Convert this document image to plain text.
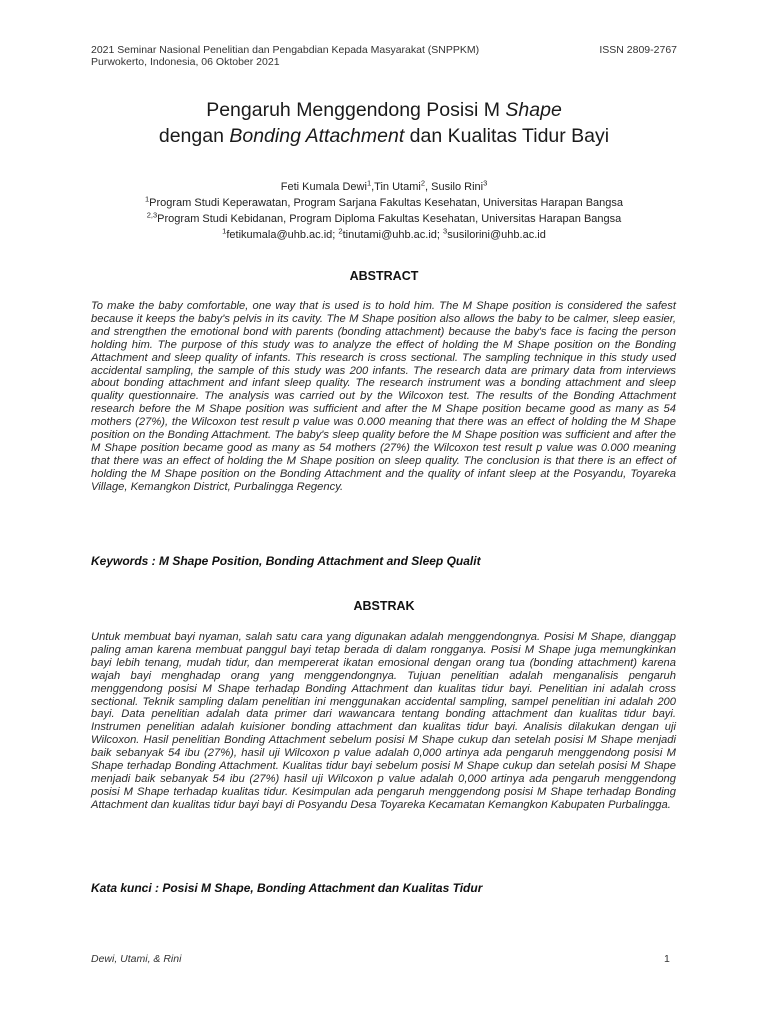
2021 Seminar Nasional Penelitian dan Pengabdian Kepada Masyarakat (SNPPKM)
Purwokerto, Indonesia, 06 Oktober 2021
ISSN 2809-2767
Pengaruh Menggendong Posisi M Shape
dengan Bonding Attachment dan Kualitas Tidur Bayi
Feti Kumala Dewi$^1$,Tin Utami$^2$, Susilo Rini$^3$
$^1$Program Studi Keperawatan, Program Sarjana Fakultas Kesehatan, Universitas Harapan Bangsa
$^{2,3}$Program Studi Kebidanan, Program Diploma Fakultas Kesehatan, Universitas Harapan Bangsa
$^1$fetikumala@uhb.ac.id; $^2$tinutami@uhb.ac.id; $^3$susilorini@uhb.ac.id
ABSTRACT
To make the baby comfortable, one way that is used is to hold him. The M Shape position is considered the safest because it keeps the baby's pelvis in its cavity. The M Shape position also allows the baby to be calmer, sleep easier, and strengthen the emotional bond with parents (bonding attachment) because the baby's face is facing the person holding him. The purpose of this study was to analyze the effect of holding the M Shape position on the Bonding Attachment and sleep quality of infants. This research is cross sectional. The sampling technique in this study used accidental sampling, the sample of this study was 200 infants. The research data are primary data from interviews about bonding attachment and infant sleep quality. The research instrument was a bonding attachment and sleep quality questionnaire. The analysis was carried out by the Wilcoxon test. The results of the Bonding Attachment research before the M Shape position was sufficient and after the M Shape position became good as many as 54 mothers (27%), the Wilcoxon test result p value was 0.000 meaning that there was an effect of holding the M Shape position on the Bonding Attachment. The baby's sleep quality before the M Shape position was sufficient and after the M Shape position became good as many as 54 mothers (27%) the Wilcoxon test result p value was 0.000 meaning that there was an effect of holding the M Shape position on sleep quality. The conclusion is that there is an effect of holding the M Shape position on the Bonding Attachment and the quality of infant sleep at the Posyandu, Toyareka Village, Kemangkon District, Purbalingga Regency.
Keywords : M Shape Position, Bonding Attachment and Sleep Qualit
ABSTRAK
Untuk membuat bayi nyaman, salah satu cara yang digunakan adalah menggendongnya. Posisi M Shape, dianggap paling aman karena membuat panggul bayi tetap berada di dalam rongganya. Posisi M Shape juga memungkinkan bayi lebih tenang, mudah tidur, dan mempererat ikatan emosional dengan orang tua (bonding attachment) karena wajah bayi menghadap orang yang menggendongnya. Tujuan penelitian adalah menganalisis pengaruh menggendong posisi M Shape terhadap Bonding Attachment dan kualitas tidur bayi. Penelitian ini adalah cross sectional. Teknik sampling dalam penelitian ini menggunakan accidental sampling, sampel penelitian ini adalah 200 bayi. Data penelitian adalah data primer dari wawancara tentang bonding attachment dan kualitas tidur bayi. Instrumen penelitian adalah kuisioner bonding attachment dan kualitas tidur bayi. Analisis dilakukan dengan uji Wilcoxon. Hasil penelitian Bonding Attachment sebelum posisi M Shape cukup dan setelah posisi M Shape menjadi baik sebanyak 54 ibu (27%), hasil uji Wilcoxon p value adalah 0,000 artinya ada pengaruh menggendong posisi M Shape terhadap Bonding Attachment. Kualitas tidur bayi sebelum posisi M Shape cukup dan setelah posisi M Shape menjadi baik sebanyak 54 ibu (27%) hasil uji Wilcoxon p value adalah 0,000 artinya ada pengaruh menggendong posisi M Shape terhadap kualitas tidur. Kesimpulan ada pengaruh menggendong posisi M Shape terhadap Bonding Attachment dan kualitas tidur bayi bayi di Posyandu Desa Toyareka Kecamatan Kemangkon Kabupaten Purbalingga.
Kata kunci : Posisi M Shape, Bonding Attachment dan Kualitas Tidur
Dewi, Utami, & Rini	1
